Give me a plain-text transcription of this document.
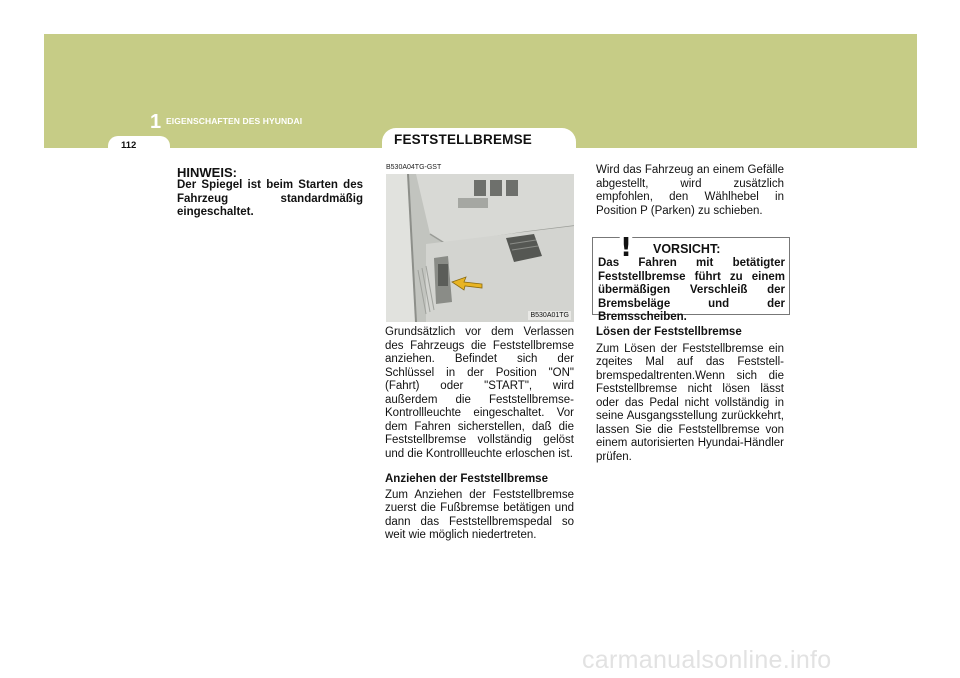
1 EIGENSCHAFTEN DES HYUNDAI
112	FESTSTELLBREMSE
HINWEIS:
Der Spiegel ist beim Starten des Fahrzeug standardmäßig eingeschaltet.
B530A04TG-GST
B530A01TG

Grundsätzlich vor dem Verlassen des Fahrzeugs die Feststellbremse anziehen. Befindet sich der Schlüssel in der Position "ON" (Fahrt) oder "START", wird außerdem die Feststellbremse-Kontrollleuchte eingeschaltet. Vor dem Fahren sicherstellen, daß die Feststellbremse vollständig gelöst und die Kontrollleuchte erloschen ist.

Anziehen der Feststellbremse

Zum Anziehen der Feststellbremse zuerst die Fußbremse betätigen und dann das Feststellbremspedal so weit wie möglich niedertreten.

Wird das Fahrzeug an einem Gefälle abgestellt, wird zusätzlich empfohlen, den Wählhebel in Position P (Parken) zu schieben.
! VORSICHT:
Das Fahren mit betätigter Feststellbremse führt zu einem übermäßigen Verschleiß der Bremsbeläge und der Bremsscheiben.

Lösen der Feststellbremse

Zum Lösen der Feststellbremse ein zqeites Mal auf das Feststell-bremspedaltrenten.Wenn sich die Feststellbremse nicht lösen lässt oder das Pedal nicht vollständig in seine Ausgangsstellung zurückkehrt, lassen Sie die Feststellbremse von einem autorisierten Hyundai-Händler prüfen.

carmanualsonline.info
